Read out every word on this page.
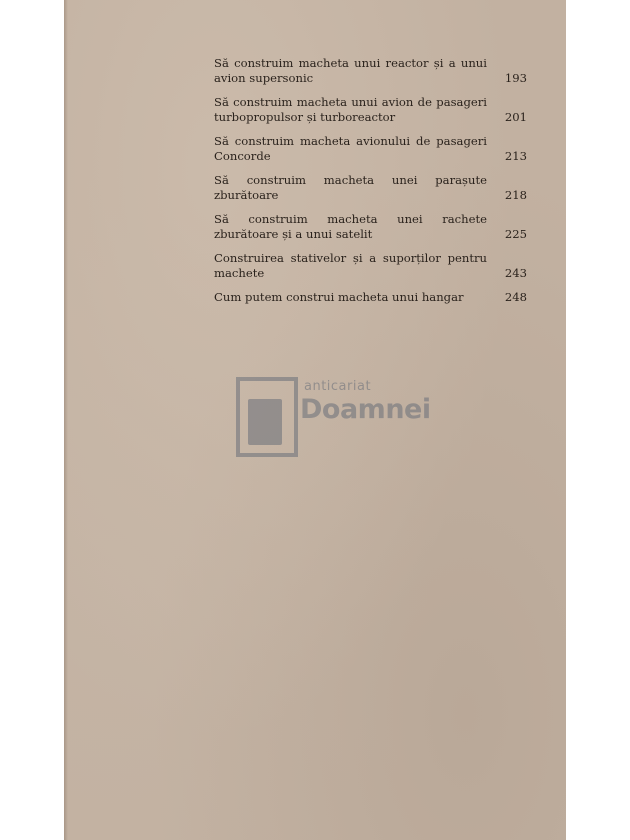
Să construim macheta unui reactor și a unui avion supersonic	193
Să construim macheta unui avion de pasageri turbopropulsor și turboreactor	201
Să construim macheta avionului de pasageri Concorde	213
Să construim macheta unei parașute zburătoare	218
Să construim macheta unei rachete zburătoare și a unui satelit	225
Construirea stativelor și a suporților pentru machete	243
Cum putem construi macheta unui hangar	248
anticariat
Doamnei
